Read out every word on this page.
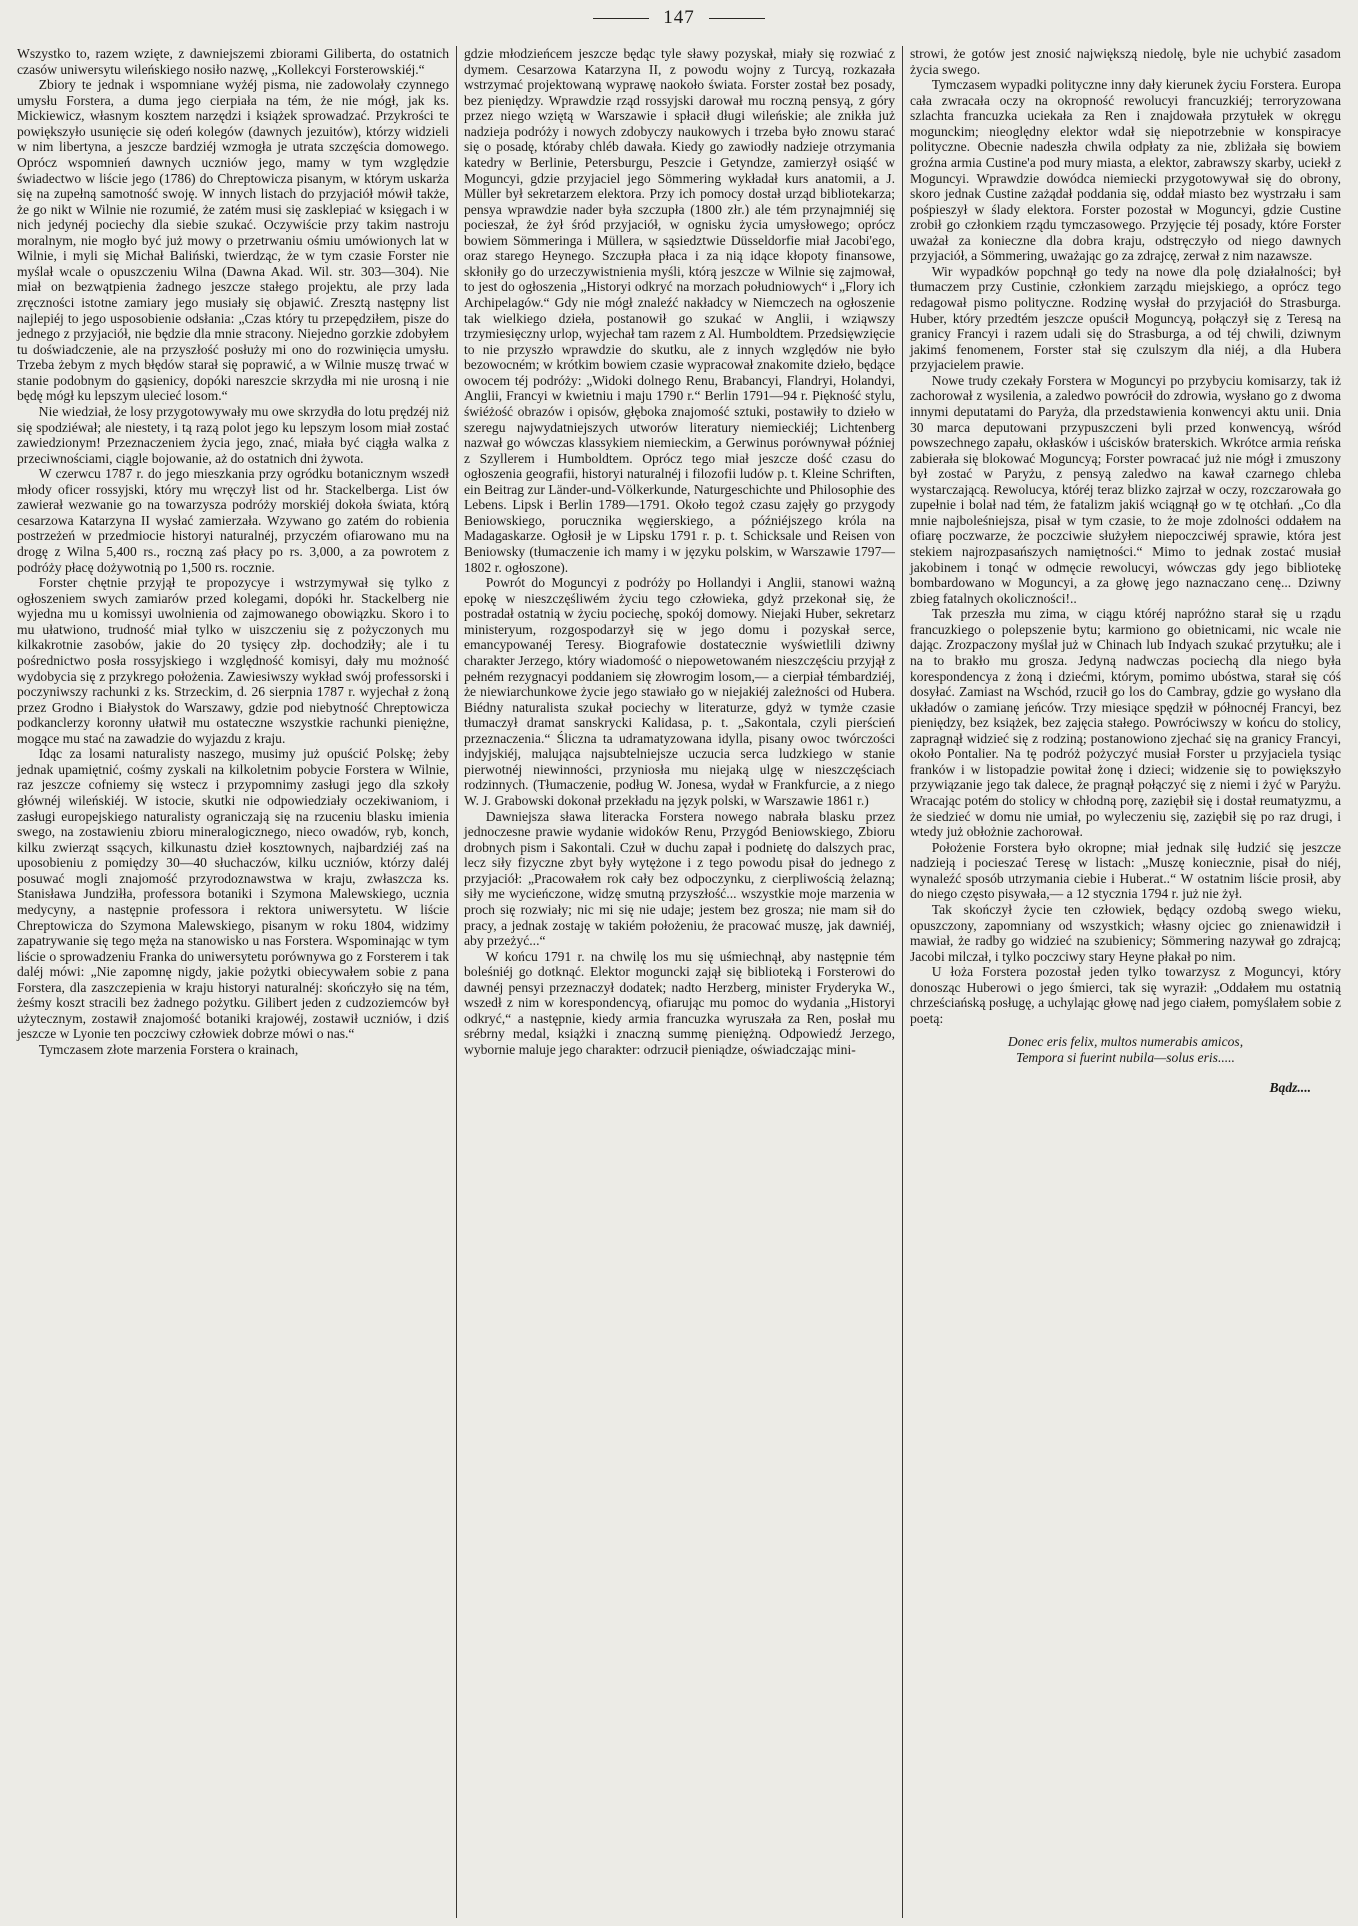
147

Wszystko to, razem wzięte, z dawniejszemi zbiorami Giliberta, do ostatnich czasów uniwersytu wileńskiego nosiło nazwę, „Kollekcyi Forsterowskiéj.“

Zbiory te jednak i wspomniane wyżéj pisma, nie zadowolały czynnego umysłu Forstera, a duma jego cierpiała na tém, że nie mógł, jak ks. Mickiewicz, własnym kosztem narzędzi i książek sprowadzać. Przykrości te powiększyło usunięcie się odeń kolegów (dawnych jezuitów), którzy widzieli w nim libertyna, a jeszcze bardziéj wzmogła je utrata szczęścia domowego. Oprócz wspomnień dawnych uczniów jego, mamy w tym względzie świadectwo w liście jego (1786) do Chreptowicza pisanym, w którym uskarża się na zupełną samotność swoję. W innych listach do przyjaciół mówił także, że go nikt w Wilnie nie rozumié, że zatém musi się zasklepiać w księgach i w nich jedynéj pociechy dla siebie szukać. Oczywiście przy takim nastroju moralnym, nie mogło być już mowy o przetrwaniu ośmiu umówionych lat w Wilnie, i myli się Michał Baliński, twierdząc, że w tym czasie Forster nie myślał wcale o opuszczeniu Wilna (Dawna Akad. Wil. str. 303—304). Nie miał on bezwątpienia żadnego jeszcze stałego projektu, ale przy lada zręczności istotne zamiary jego musiały się objawić. Zresztą następny list najlepiéj to jego usposobienie odsłania: „Czas który tu przepędziłem, pisze do jednego z przyjaciół, nie będzie dla mnie stracony. Niejedno gorzkie zdobyłem tu doświadczenie, ale na przyszłość posłuży mi ono do rozwinięcia umysłu. Trzeba żebym z mych błędów starał się poprawić, a w Wilnie muszę trwać w stanie podobnym do gąsienicy, dopóki nareszcie skrzydła mi nie urosną i nie będę mógł ku lepszym ulecieć losom.“

Nie wiedział, że losy przygotowywały mu owe skrzydła do lotu prędzéj niż się spodziéwał; ale niestety, i tą razą polot jego ku lepszym losom miał zostać zawiedzionym! Przeznaczeniem życia jego, znać, miała być ciągła walka z przeciwnościami, ciągle bojowanie, aż do ostatnich dni żywota.

W czerwcu 1787 r. do jego mieszkania przy ogródku botanicznym wszedł młody oficer rossyjski, który mu wręczył list od hr. Stackelberga. List ów zawierał wezwanie go na towarzysza podróży morskiéj dokoła świata, którą cesarzowa Katarzyna II wysłać zamierzała. Wzywano go zatém do robienia postrzeżeń w przedmiocie historyi naturalnéj, przyczém ofiarowano mu na drogę z Wilna 5,400 rs., roczną zaś płacy po rs. 3,000, a za powrotem z podróży płacę dożywotnią po 1,500 rs. rocznie.

Forster chętnie przyjął te propozycye i wstrzymywał się tylko z ogłoszeniem swych zamiarów przed kolegami, dopóki hr. Stackelberg nie wyjedna mu u komissyi uwolnienia od zajmowanego obowiązku. Skoro i to mu ułatwiono, trudność miał tylko w uiszczeniu się z pożyczonych mu kilkakrotnie zasobów, jakie do 20 tysięcy złp. dochodziły; ale i tu pośrednictwo posła rossyjskiego i względność komisyi, dały mu możność wydobycia się z przykrego położenia. Zawiesiwszy wykład swój professorski i poczyniwszy rachunki z ks. Strzeckim, d. 26 sierpnia 1787 r. wyjechał z żoną przez Grodno i Białystok do Warszawy, gdzie pod niebytność Chreptowicza podkanclerzy koronny ułatwił mu ostateczne wszystkie rachunki pieniężne, mogące mu stać na zawadzie do wyjazdu z kraju.

Idąc za losami naturalisty naszego, musimy już opuścić Polskę; żeby jednak upamiętnić, cośmy zyskali na kilkoletnim pobycie Forstera w Wilnie, raz jeszcze cofniemy się wstecz i przypomnimy zasługi jego dla szkoły głównéj wileńskiéj. W istocie, skutki nie odpowiedziały oczekiwaniom, i zasługi europejskiego naturalisty ograniczają się na rzuceniu blasku imienia swego, na zostawieniu zbioru mineralogicznego, nieco owadów, ryb, konch, kilku zwierząt ssących, kilkunastu dzieł kosztownych, najbardziéj zaś na uposobieniu z pomiędzy 30—40 słuchaczów, kilku uczniów, którzy daléj posuwać mogli znajomość przyrodoznawstwa w kraju, zwłaszcza ks. Stanisława Jundziłła, professora botaniki i Szymona Malewskiego, ucznia medycyny, a następnie professora i rektora uniwersytetu. W liście Chreptowicza do Szymona Malewskiego, pisanym w roku 1804, widzimy zapatrywanie się tego męża na stanowisko u nas Forstera. Wspominając w tym liście o sprowadzeniu Franka do uniwersytetu porównywa go z Forsterem i tak daléj mówi: „Nie zapomnę nigdy, jakie pożytki obiecywałem sobie z pana Forstera, dla zaszczepienia w kraju historyi naturalnéj: skończyło się na tém, żeśmy koszt stracili bez żadnego pożytku. Gilibert jeden z cudzoziemców był użytecznym, zostawił znajomość botaniki krajowéj, zostawił uczniów, i dziś jeszcze w Lyonie ten poczciwy człowiek dobrze mówi o nas.“

Tymczasem złote marzenia Forstera o krainach,

gdzie młodzieńcem jeszcze będąc tyle sławy pozyskał, miały się rozwiać z dymem. Cesarzowa Katarzyna II, z powodu wojny z Turcyą, rozkazała wstrzymać projektowaną wyprawę naokoło świata. Forster został bez posady, bez pieniędzy. Wprawdzie rząd rossyjski darował mu roczną pensyą, z góry przez niego wziętą w Warszawie i spłacił długi wileńskie; ale znikła już nadzieja podróży i nowych zdobyczy naukowych i trzeba było znowu starać się o posadę, któraby chléb dawała. Kiedy go zawiodły nadzieje otrzymania katedry w Berlinie, Petersburgu, Peszcie i Getyndze, zamierzył osiąść w Moguncyi, gdzie przyjaciel jego Sömmering wykładał kurs anatomii, a J. Müller był sekretarzem elektora. Przy ich pomocy dostał urząd bibliotekarza; pensya wprawdzie nader była szczupła (1800 złr.) ale tém przynajmniéj się pocieszał, że żył śród przyjaciół, w ognisku życia umysłowego; oprócz bowiem Sömmeringa i Müllera, w sąsiedztwie Düsseldorfie miał Jacobi'ego, oraz starego Heynego. Szczupła płaca i za nią idące kłopoty finansowe, skłoniły go do urzeczywistnienia myśli, którą jeszcze w Wilnie się zajmował, to jest do ogłoszenia „Historyi odkryć na morzach południowych“ i „Flory ich Archipelagów.“ Gdy nie mógł znaleźć nakładcy w Niemczech na ogłoszenie tak wielkiego dzieła, postanowił go szukać w Anglii, i wziąwszy trzymiesięczny urlop, wyjechał tam razem z Al. Humboldtem. Przedsięwzięcie to nie przyszło wprawdzie do skutku, ale z innych względów nie było bezowocném; w krótkim bowiem czasie wypracował znakomite dzieło, będące owocem téj podróży: „Widoki dolnego Renu, Brabancyi, Flandryi, Holandyi, Anglii, Francyi w kwietniu i maju 1790 r.“ Berlin 1791—94 r. Piękność stylu, świéżość obrazów i opisów, głęboka znajomość sztuki, postawiły to dzieło w szeregu najwydatniejszych utworów literatury niemieckiéj; Lichtenberg nazwał go wówczas klassykiem niemieckim, a Gerwinus porównywał później z Szyllerem i Humboldtem. Oprócz tego miał jeszcze dość czasu do ogłoszenia geografii, historyi naturalnéj i filozofii ludów p. t. Kleine Schriften, ein Beitrag zur Länder-und-Völkerkunde, Naturgeschichte und Philosophie des Lebens. Lipsk i Berlin 1789—1791. Około tegoż czasu zajęły go przygody Beniowskiego, porucznika węgierskiego, a późniéjszego króla na Madagaskarze. Ogłosił je w Lipsku 1791 r. p. t. Schicksale und Reisen von Beniowsky (tłumaczenie ich mamy i w języku polskim, w Warszawie 1797—1802 r. ogłoszone).

Powrót do Moguncyi z podróży po Hollandyi i Anglii, stanowi ważną epokę w nieszczęśliwém życiu tego człowieka, gdyż przekonał się, że postradał ostatnią w życiu pociechę, spokój domowy. Niejaki Huber, sekretarz ministeryum, rozgospodarzył się w jego domu i pozyskał serce, emancypowanéj Teresy. Biografowie dostatecznie wyświetlili dziwny charakter Jerzego, który wiadomość o niepowetowaném nieszczęściu przyjął z pełném rezygnacyi poddaniem się złowrogim losom,— a cierpiał témbardziéj, że niewiarchunkowe życie jego stawiało go w niejakiéj zależności od Hubera. Biédny naturalista szukał pociechy w literaturze, gdyż w tymże czasie tłumaczył dramat sanskrycki Kalidasa, p. t. „Sakontala, czyli pierścień przeznaczenia.“ Śliczna ta udramatyzowana idylla, pisany owoc twórczości indyjskiéj, malująca najsubtelniejsze uczucia serca ludzkiego w stanie pierwotnéj niewinności, przyniosła mu niejaką ulgę w nieszczęściach rodzinnych. (Tłumaczenie, podług W. Jonesa, wydał w Frankfurcie, a z niego W. J. Grabowski dokonał przekładu na język polski, w Warszawie 1861 r.)

Dawniejsza sława literacka Forstera nowego nabrała blasku przez jednoczesne prawie wydanie widoków Renu, Przygód Beniowskiego, Zbioru drobnych pism i Sakontali. Czuł w duchu zapał i podnietę do dalszych prac, lecz siły fizyczne zbyt były wytężone i z tego powodu pisał do jednego z przyjaciół: „Pracowałem rok cały bez odpoczynku, z cierpliwością żelazną; siły me wycieńczone, widzę smutną przyszłość... wszystkie moje marzenia w proch się rozwiały; nic mi się nie udaje; jestem bez grosza; nie mam sił do pracy, a jednak zostaję w takiém położeniu, że pracować muszę, jak dawniéj, aby przeżyć...“

W końcu 1791 r. na chwilę los mu się uśmiechnął, aby następnie tém boleśniéj go dotknąć. Elektor moguncki zajął się biblioteką i Forsterowi do dawnéj pensyi przeznaczył dodatek; nadto Herzberg, minister Fryderyka W., wszedł z nim w korespondencyą, ofiarując mu pomoc do wydania „Historyi odkryć,“ a następnie, kiedy armia francuzka wyruszała za Ren, posłał mu srébrny medal, książki i znaczną summę pieniężną. Odpowiedź Jerzego, wybornie maluje jego charakter: odrzucił pieniądze, oświadczając mini-

strowi, że gotów jest znosić największą niedolę, byle nie uchybić zasadom życia swego.

Tymczasem wypadki polityczne inny dały kierunek życiu Forstera. Europa cała zwracała oczy na okropność rewolucyi francuzkiéj; terroryzowana szlachta francuzka uciekała za Ren i znajdowała przytułek w okręgu mogunckim; nieoględny elektor wdał się niepotrzebnie w konspiracye polityczne. Obecnie nadeszła chwila odpłaty za nie, zbliżała się bowiem groźna armia Custine'a pod mury miasta, a elektor, zabrawszy skarby, uciekł z Moguncyi. Wprawdzie dowódca niemiecki przygotowywał się do obrony, skoro jednak Custine zażądał poddania się, oddał miasto bez wystrzału i sam pośpieszył w ślady elektora. Forster pozostał w Moguncyi, gdzie Custine zrobił go członkiem rządu tymczasowego. Przyjęcie téj posady, które Forster uważał za konieczne dla dobra kraju, odstręczyło od niego dawnych przyjaciół, a Sömmering, uważając go za zdrajcę, zerwał z nim nazawsze.

Wir wypadków popchnął go tedy na nowe dla polę działalności; był tłumaczem przy Custinie, członkiem zarządu miejskiego, a oprócz tego redagował pismo polityczne. Rodzinę wysłał do przyjaciół do Strasburga. Huber, który przedtém jeszcze opuścił Moguncyą, połączył się z Teresą na granicy Francyi i razem udali się do Strasburga, a od téj chwili, dziwnym jakimś fenomenem, Forster stał się czulszym dla niéj, a dla Hubera przyjacielem prawie.

Nowe trudy czekały Forstera w Moguncyi po przybyciu komisarzy, tak iż zachorował z wysilenia, a zaledwo powrócił do zdrowia, wysłano go z dwoma innymi deputatami do Paryża, dla przedstawienia konwencyi aktu unii. Dnia 30 marca deputowani przypuszczeni byli przed konwencyą, wśród powszechnego zapału, okłasków i uścisków braterskich. Wkrótce armia reńska zabierała się blokować Moguncyą; Forster powracać już nie mógł i zmuszony był zostać w Paryżu, z pensyą zaledwo na kawał czarnego chleba wystarczającą. Rewolucya, któréj teraz blizko zajrzał w oczy, rozczarowała go zupełnie i bolał nad tém, że fatalizm jakiś wciągnął go w tę otchłań. „Co dla mnie najboleśniejsza, pisał w tym czasie, to że moje zdolności oddałem na ofiarę poczwarze, że poczciwie służyłem niepoczciwéj sprawie, która jest stekiem najrozpasańszych namiętności.“ Mimo to jednak zostać musiał jakobinem i tonąć w odmęcie rewolucyi, wówczas gdy jego bibliotekę bombardowano w Moguncyi, a za głowę jego naznaczano cenę... Dziwny zbieg fatalnych okoliczności!..

Tak przeszła mu zima, w ciągu któréj napróżno starał się u rządu francuzkiego o polepszenie bytu; karmiono go obietnicami, nic wcale nie dając. Zrozpaczony myślał już w Chinach lub Indyach szukać przytułku; ale i na to brakło mu grosza. Jedyną nadwczas pociechą dla niego była korespondencya z żoną i dziećmi, którym, pomimo ubóstwa, starał się cóś dosyłać. Zamiast na Wschód, rzucił go los do Cambray, gdzie go wysłano dla układów o zamianę jeńców. Trzy miesiące spędził w północnéj Francyi, bez pieniędzy, bez książek, bez zajęcia stałego. Powróciwszy w końcu do stolicy, zapragnął widzieć się z rodziną; postanowiono zjechać się na granicy Francyi, około Pontalier. Na tę podróż pożyczyć musiał Forster u przyjaciela tysiąc franków i w listopadzie powitał żonę i dzieci; widzenie się to powiększyło przywiązanie jego tak dalece, że pragnął połączyć się z niemi i żyć w Paryżu. Wracając potém do stolicy w chłodną porę, zaziębił się i dostał reumatyzmu, a że siedzieć w domu nie umiał, po wyleczeniu się, zaziębił się po raz drugi, i wtedy już obłożnie zachorował.

Położenie Forstera było okropne; miał jednak silę łudzić się jeszcze nadzieją i pocieszać Teresę w listach: „Muszę koniecznie, pisał do niéj, wynaleźć sposób utrzymania ciebie i Huberat..“ W ostatnim liście prosił, aby do niego często pisywała,— a 12 stycznia 1794 r. już nie żył.

Tak skończył życie ten człowiek, będący ozdobą swego wieku, opuszczony, zapomniany od wszystkich; własny ojciec go znienawidził i mawiał, że radby go widzieć na szubienicy; Sömmering nazywał go zdrajcą; Jacobi milczał, i tylko poczciwy stary Heyne płakał po nim.

U łoża Forstera pozostał jeden tylko towarzysz z Moguncyi, który donosząc Huberowi o jego śmierci, tak się wyraził: „Oddałem mu ostatnią chrześciańską posługę, a uchylając głowę nad jego ciałem, pomyślałem sobie z poetą:

Donec eris felix, multos numerabis amicos,

Tempora si fuerint nubila—solus eris.....

Bądz....
